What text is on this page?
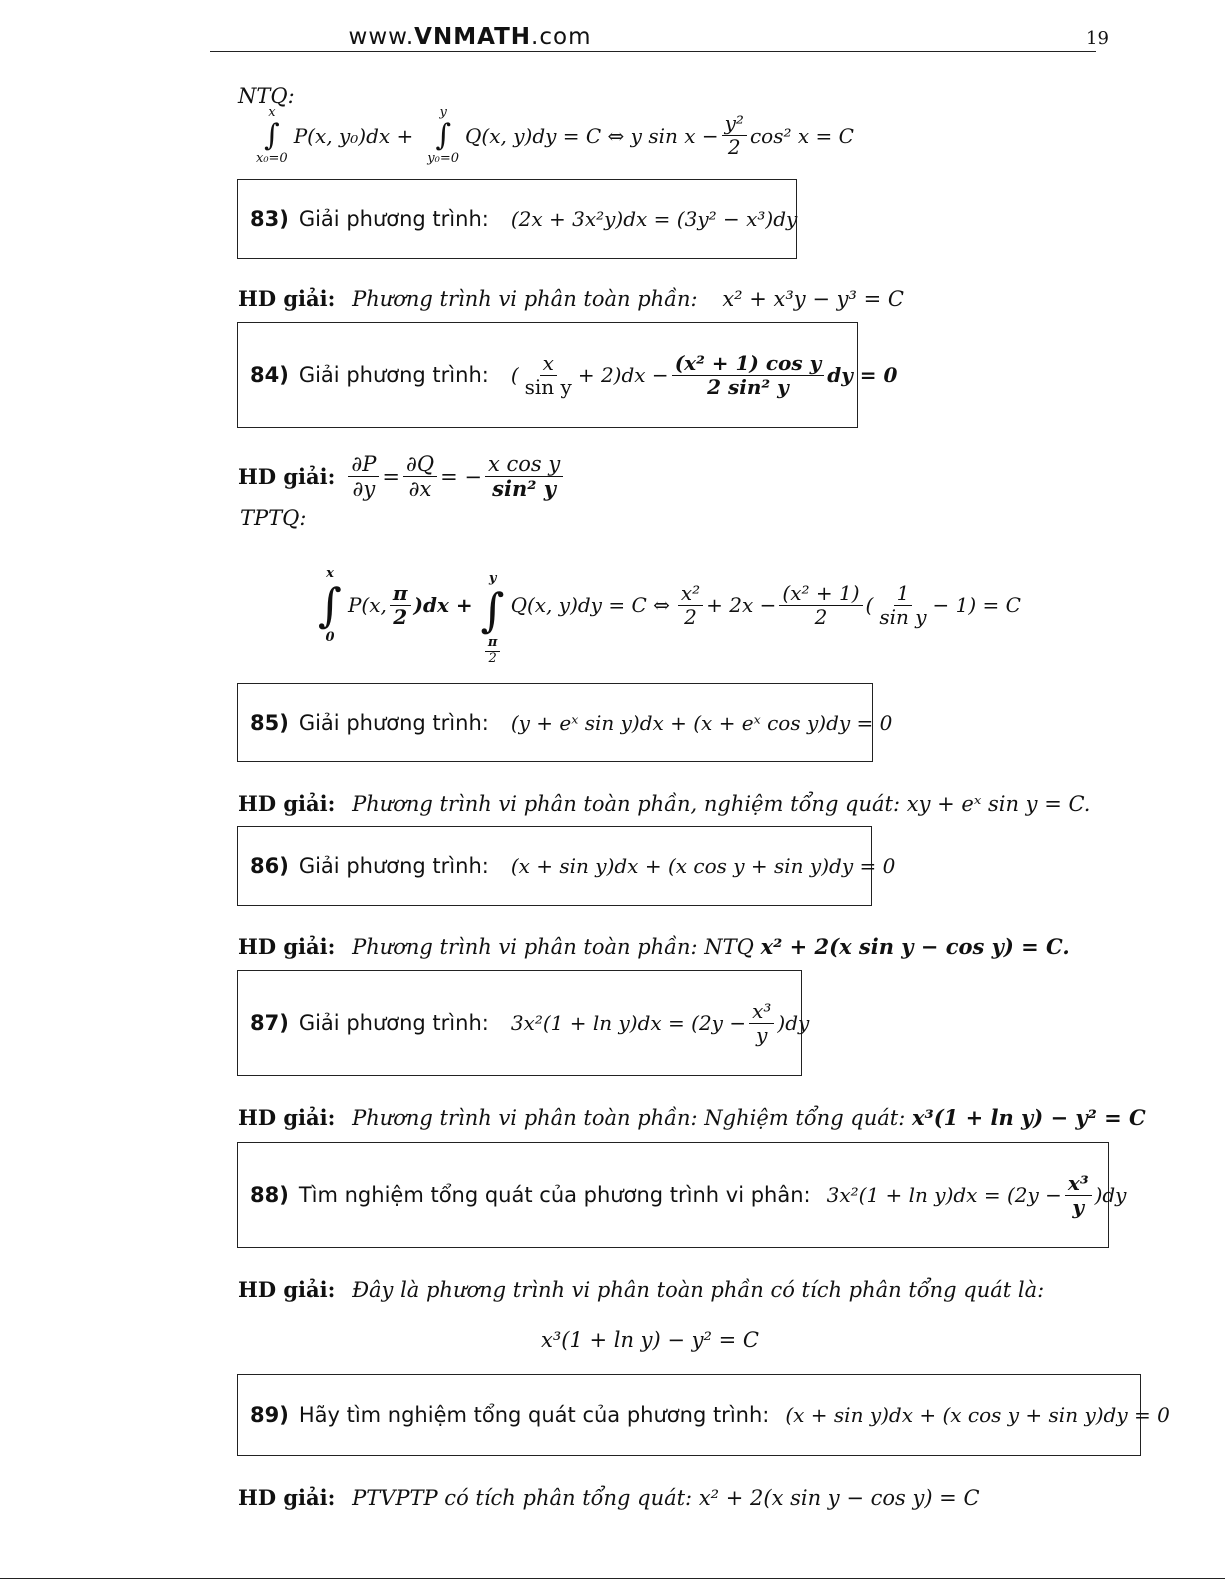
www.VNMATH.com	19
NTQ:
x
∫
x₀=0
P(x, y₀)dx +
y
∫
y₀=0
Q(x, y)dy = C ⇔ y $\sin x - \frac{\text{y²}}{2} \cos^2$ x = C
83) Giải phương trình: (2x + 3x²y)dx = (3y² − x³)dy
HD giải: Phương trình vi phân toàn phần: x² + x³y − y³ = C
84) Giải phương trình: ( $\frac{x}{\text{sin y}} + 2)dx - \frac{\text{(x² + 1) cos y}}{\text{2 sin² y}}$ dy = 0
HD giải: $\frac{\partial P}{\partial y} = \frac{\partial Q}{\partial x}$ = − $\frac{\text{x cos y}}{\text{sin² y}}$
TPTQ:
x
∫
0
P(x, $\frac{\pi}{2} )dx$ +
y
∫
$\frac{\pi}{2}$
Q(x, y)dy = C ⇔ $\frac{\text{x²}}{2} + 2x - \frac{\text{(x² + 1)}}{2}$ ( $\frac{1}{\text{sin y}} - 1) = C$
85) Giải phương trình: (y + eˣ sin y)dx + (x + eˣ cos y)dy = 0
HD giải: Phương trình vi phân toàn phần, nghiệm tổng quát: xy + eˣ sin y = C.
86) Giải phương trình: (x + sin y)dx + (x cos y + sin y)dy = 0
HD giải: Phương trình vi phân toàn phần: NTQ x² + 2(x sin y − cos y) = C.
87) Giải phương trình: $3x^2(1 + \ln y)dx = (2y - \frac{\text{x³}}{y} )dy$
HD giải: Phương trình vi phân toàn phần: Nghiệm tổng quát: x³(1 + ln y) − y² = C
88) Tìm nghiệm tổng quát của phương trình vi phân: $3x^2(1 + \ln y)dx = (2y - \frac{\text{x³}}{y} )dy$
HD giải: Đây là phương trình vi phân toàn phần có tích phân tổng quát là:
x³(1 + ln y) − y² = C
89) Hãy tìm nghiệm tổng quát của phương trình: (x + sin y)dx + (x cos y + sin y)dy = 0
HD giải: PTVPTP có tích phân tổng quát: x² + 2(x sin y − cos y) = C
